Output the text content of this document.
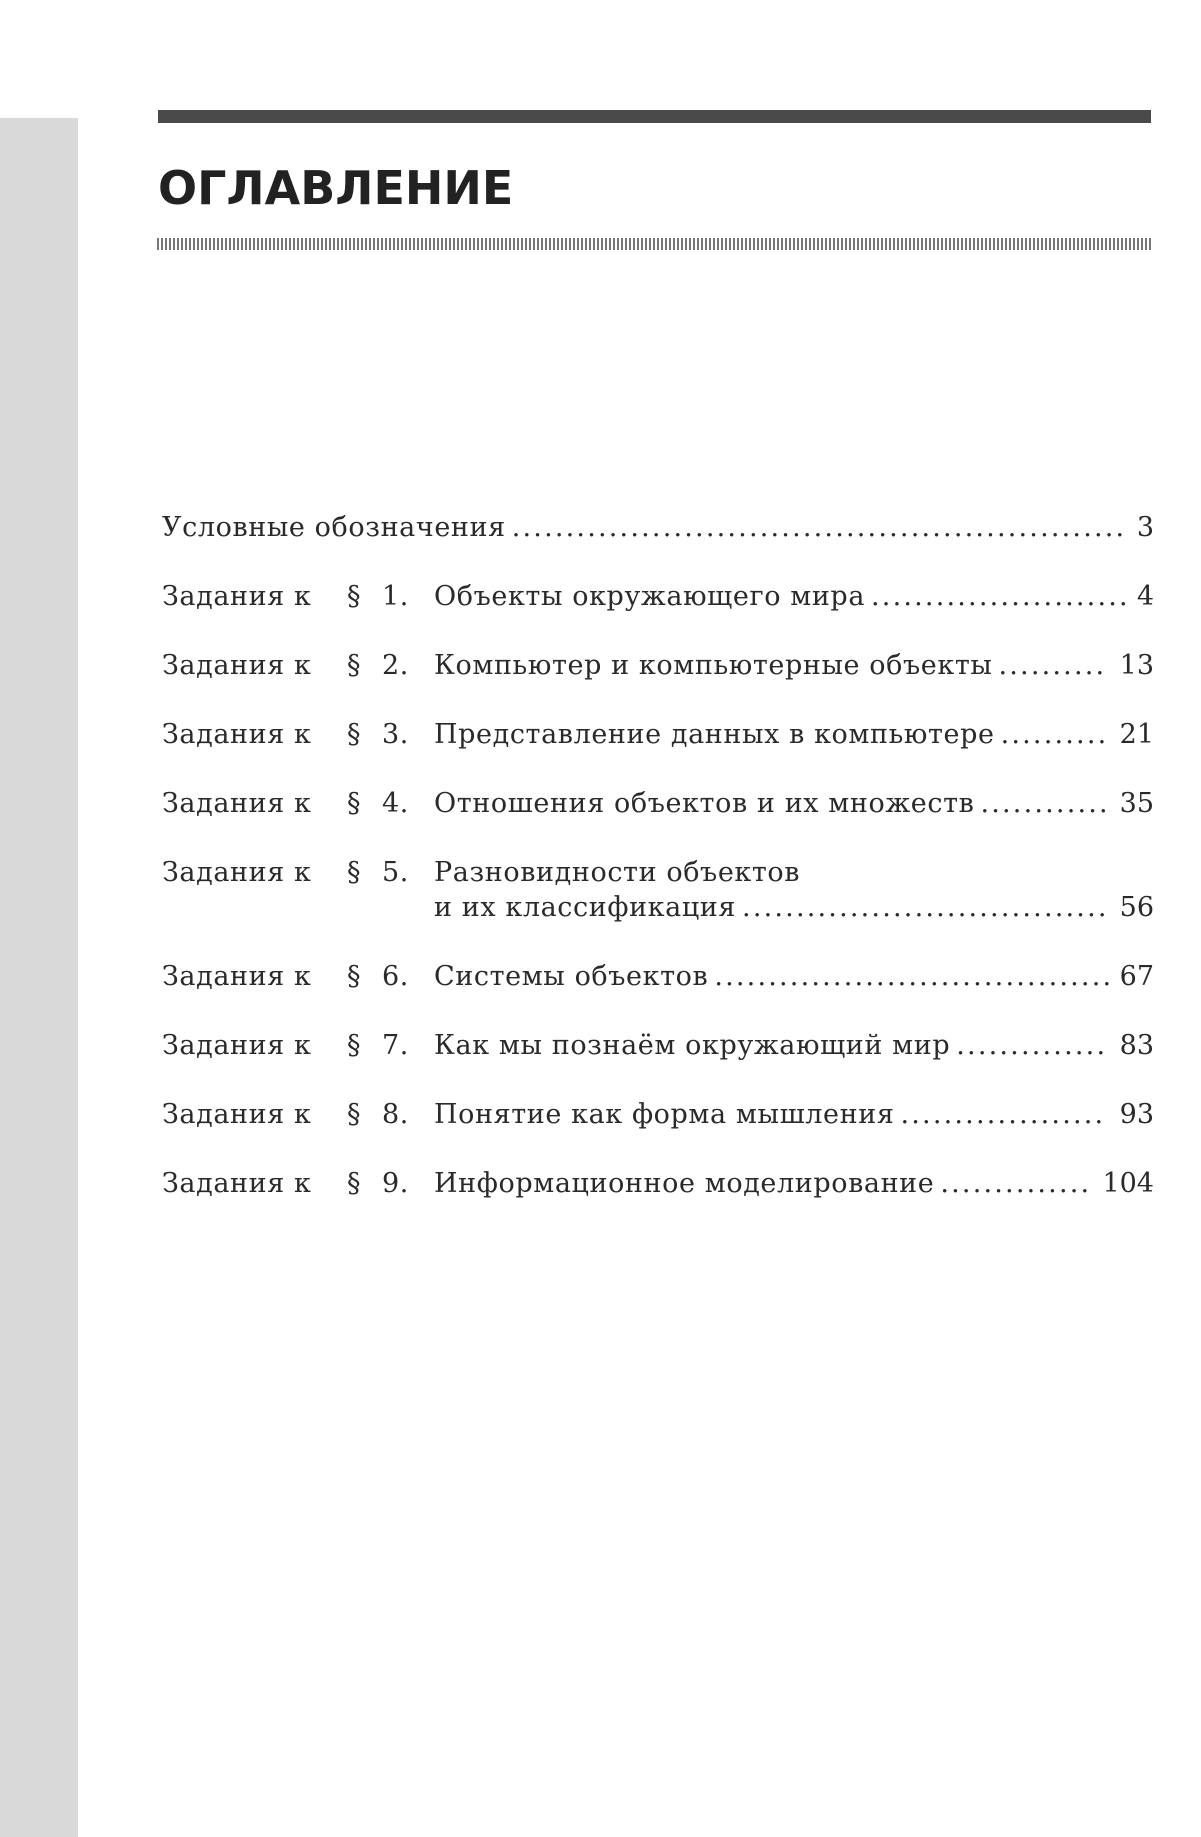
ОГЛАВЛЕНИЕ
Условные обозначения	3
.........................................................
Задания к § 1. Объекты окружающего мира	4
........................
Задания к § 2. Компьютер и компьютерные объекты	13
..........
Задания к § 3. Представление данных в компьютере	21
..........
Задания к § 4. Отношения объектов и их множеств	35
............
Задания к § 5. Разновидности объектов
и их классификация	56
..................................
Задания к § 6. Системы объектов	67
.....................................
Задания к § 7. Как мы познаём окружающий мир	83
..............
Задания к § 8. Понятие как форма мышления	93
...................
Задания к § 9. Информационное моделирование	104
..............
